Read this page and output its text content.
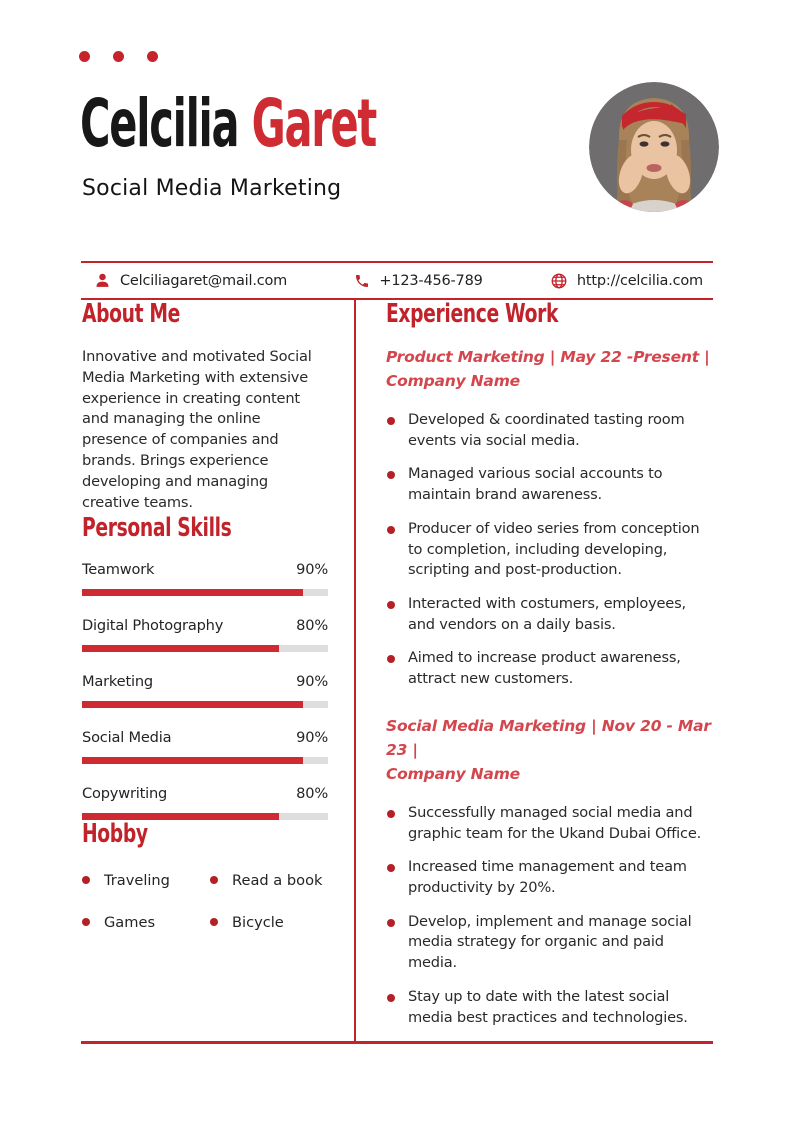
Celcilia Garet
Social Media Marketing
Celciliagaret@mail.com	+123-456-789	http://celcilia.com
About Me
Innovative and motivated Social Media Marketing with extensive experience in creating content and managing the online presence of companies and brands. Brings experience developing and managing creative teams.
Personal Skills
Teamwork	90%
Digital Photography	80%
Marketing	90%
Social Media	90%
Copywriting	80%
Hobby
Traveling	Read a book
Games	Bicycle
Experience Work
Product Marketing | May 22 -Present |
Company Name
Developed & coordinated tasting room events via social media.
Managed various social accounts to maintain brand awareness.
Producer of video series from conception to completion, including developing, scripting and post-production.
Interacted with costumers, employees, and vendors on a daily basis.
Aimed to increase product awareness, attract new customers.
Social Media Marketing | Nov 20 - Mar 23 |
Company Name
Successfully managed social media and graphic team for the Ukand Dubai Office.
Increased time management and team productivity by 20%.
Develop, implement and manage social media strategy for organic and paid media.
Stay up to date with the latest social media best practices and technologies.
